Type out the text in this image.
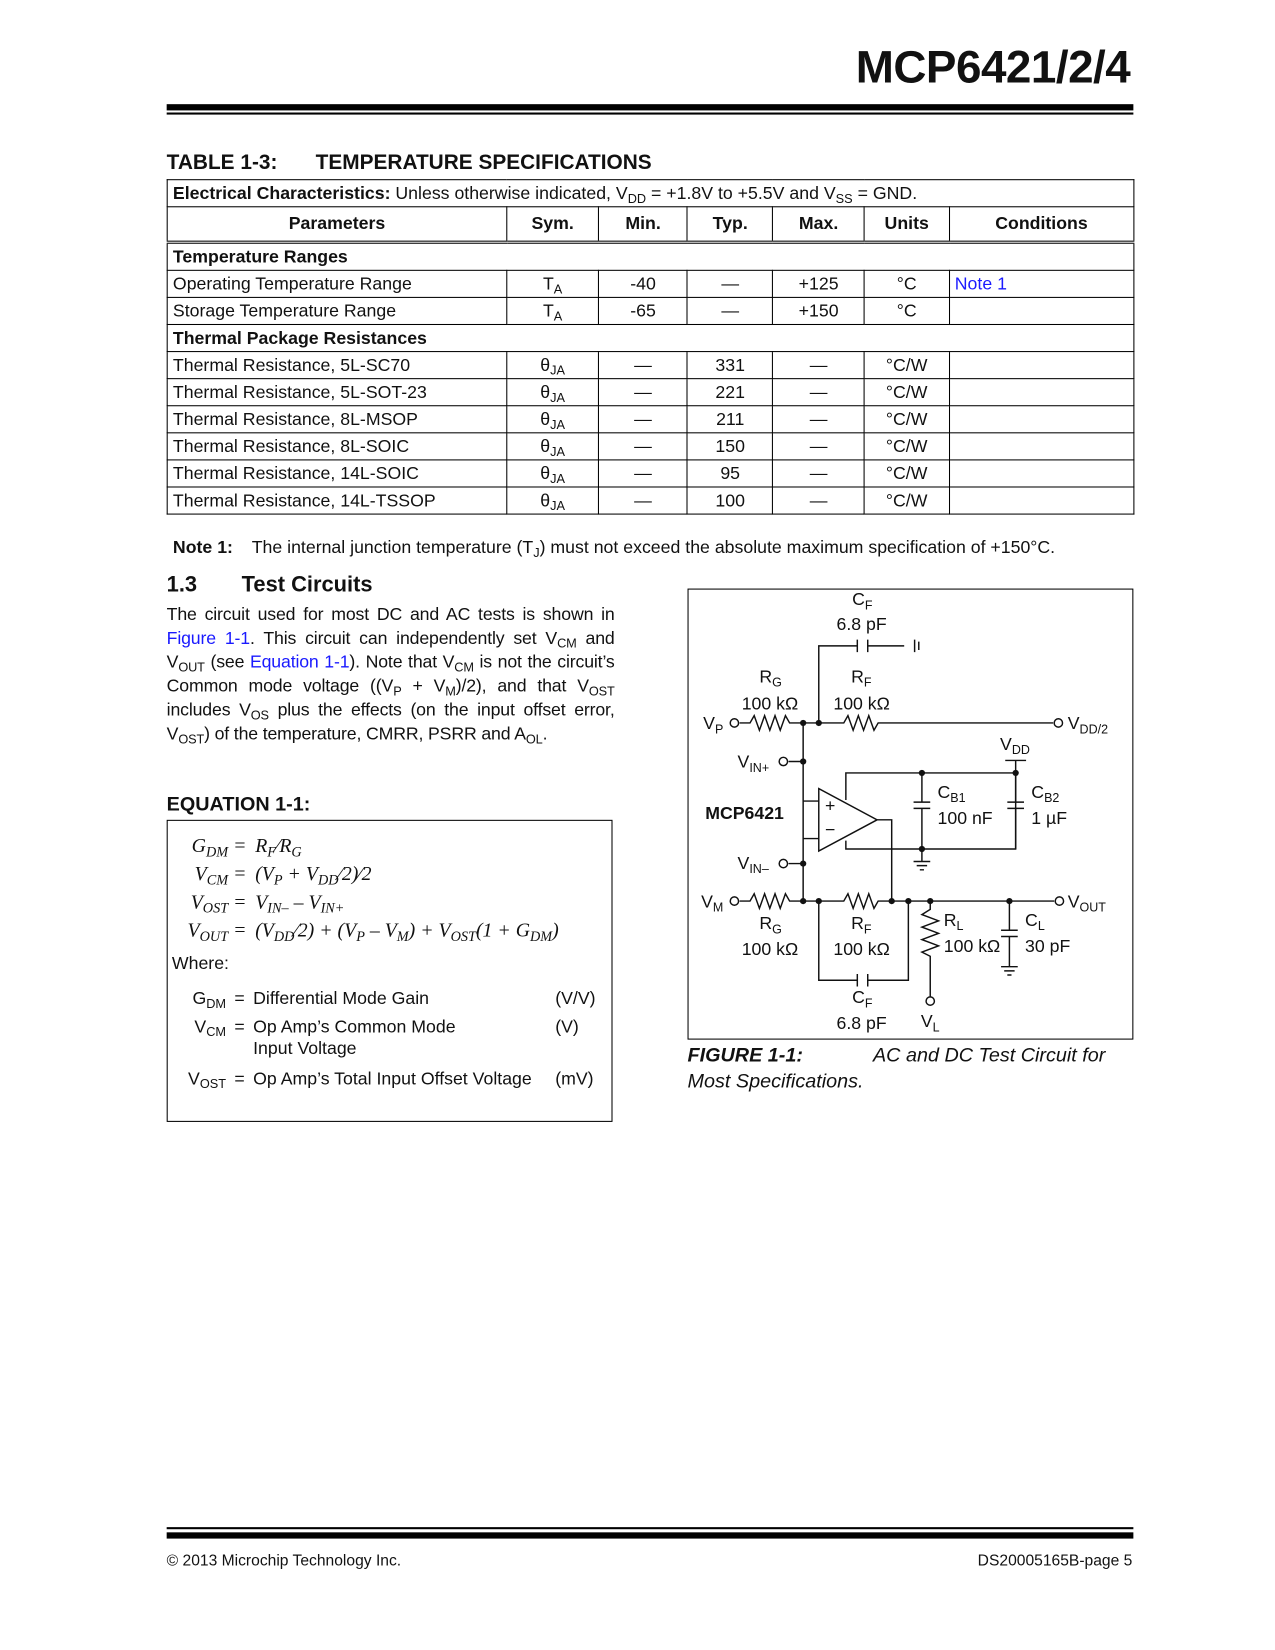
MCP6421/2/4
TABLE 1-3: TEMPERATURE SPECIFICATIONS
Electrical Characteristics: Unless otherwise indicated, $V_{DD} = +1.8V$ to +5.5V and $V_{SS}$ = GND.						
Parameters	Sym.	Min.	Typ.	Max.	Units	Conditions
Temperature Ranges						
Operating Temperature Range	$T_A$	-40	—	+125	°C	Note 1
Storage Temperature Range	$T_A$	-65	—	+150	°C	
Thermal Package Resistances						
Thermal Resistance, 5L-SC70	$\theta_{JA}$	—	331	—	°C/W	
Thermal Resistance, 5L-SOT-23	$\theta_{JA}$	—	221	—	°C/W	
Thermal Resistance, 8L-MSOP	$\theta_{JA}$	—	211	—	°C/W	
Thermal Resistance, 8L-SOIC	$\theta_{JA}$	—	150	—	°C/W	
Thermal Resistance, 14L-SOIC	$\theta_{JA}$	—	95	—	°C/W	
Thermal Resistance, 14L-TSSOP	$\theta_{JA}$	—	100	—	°C/W	
Note 1: The internal junction temperature $(T_J)$ must not exceed the absolute maximum specification of +150°C.
1.3 Test Circuits
The circuit used for most DC and AC tests is shown in Figure 1-1. This circuit can independently set $V_{CM}$ and $V_{OUT}$ (see Equation 1-1). Note that $V_{CM}$ is not the circuit’s Common mode voltage $((V_P + V_M)/2)$, and that $V_{OST}$ includes $V_{OS}$ plus the effects (on the input offset error, $V_{OST}$) of the temperature, CMRR, PSRR and $A_{OL}$.
EQUATION 1-1:
$G_{DM}$ = $R_F⁄R_G$
$V_{CM} = (V_P$ + $V_{DD}⁄2)⁄2$
$V_{OST} = V_{IN-} - V_{IN+}$
$V_{OUT}$ = $(V_{DD}⁄2) + (V_P - V_M) + V_{OST}(1 + G_{DM})$
Where:
$G_{DM}$ = Differential Mode Gain	(V/V)
$V_{CM} = Op$ Amp’s Common Mode
Input Voltage
(V)
$V_{OST} = Op$ Amp’s Total Input Offset Voltage (mV)
$C_F$
6.8 pF
$R_G$
100 kΩ
$R_F$
100 kΩ
$V_P$	$V_{DD/2}$
$V_{DD}$
$V_{IN+}$
MCP6421 +
−
$C_{B1}$
100 nF
$C_{B2}$
1 µF
$V_{IN-}$
$V_M$	$V_{OUT}$
$R_G$
100 kΩ
$R_F$
100 kΩ
$R_L$
100 kΩ
$C_L$
30 pF
$C_F$
6.8 pF $V_L$
FIGURE 1-1:	AC and DC Test Circuit for
Most Specifications.
© 2013 Microchip Technology Inc.	DS20005165B-page 5
